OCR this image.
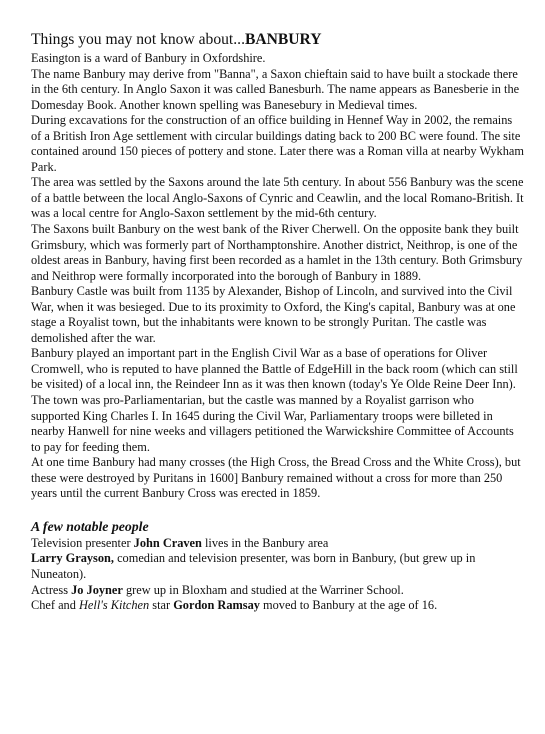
Things you may not know about...BANBURY

Easington is a ward of Banbury in Oxfordshire.

The name Banbury may derive from "Banna", a Saxon chieftain said to have built a stockade there in the 6th century. In Anglo Saxon it was called Banesburh. The name appears as Banesberie in the Domesday Book. Another known spelling was Banesebury in Medieval times.

During excavations for the construction of an office building in Hennef Way in 2002, the remains of a British Iron Age settlement with circular buildings dating back to 200 BC were found. The site contained around 150 pieces of pottery and stone. Later there was a Roman villa at nearby Wykham Park.

The area was settled by the Saxons around the late 5th century. In about 556 Banbury was the scene of a battle between the local Anglo-Saxons of Cynric and Ceawlin, and the local Romano-British. It was a local centre for Anglo-Saxon settlement by the mid-6th century.

The Saxons built Banbury on the west bank of the River Cherwell. On the opposite bank they built Grimsbury, which was formerly part of Northamptonshire. Another district, Neithrop, is one of the oldest areas in Banbury, having first been recorded as a hamlet in the 13th century. Both Grimsbury and Neithrop were formally incorporated into the borough of Banbury in 1889.

Banbury Castle was built from 1135 by Alexander, Bishop of Lincoln, and survived into the Civil War, when it was besieged. Due to its proximity to Oxford, the King's capital, Banbury was at one stage a Royalist town, but the inhabitants were known to be strongly Puritan. The castle was demolished after the war.

Banbury played an important part in the English Civil War as a base of operations for Oliver Cromwell, who is reputed to have planned the Battle of EdgeHill in the back room (which can still be visited) of a local inn, the Reindeer Inn as it was then known (today's Ye Olde Reine Deer Inn). The town was pro-Parliamentarian, but the castle was manned by a Royalist garrison who supported King Charles I. In 1645 during the Civil War, Parliamentary troops were billeted in nearby Hanwell for nine weeks and villagers petitioned the Warwickshire Committee of Accounts to pay for feeding them.

At one time Banbury had many crosses (the High Cross, the Bread Cross and the White Cross), but these were destroyed by Puritans in 1600] Banbury remained without a cross for more than 250 years until the current Banbury Cross was erected in 1859.

A few notable people

Television presenter John Craven lives in the Banbury area

Larry Grayson, comedian and television presenter, was born in Banbury, (but grew up in Nuneaton).

Actress Jo Joyner grew up in Bloxham and studied at the Warriner School.

Chef and Hell's Kitchen star Gordon Ramsay moved to Banbury at the age of 16.
